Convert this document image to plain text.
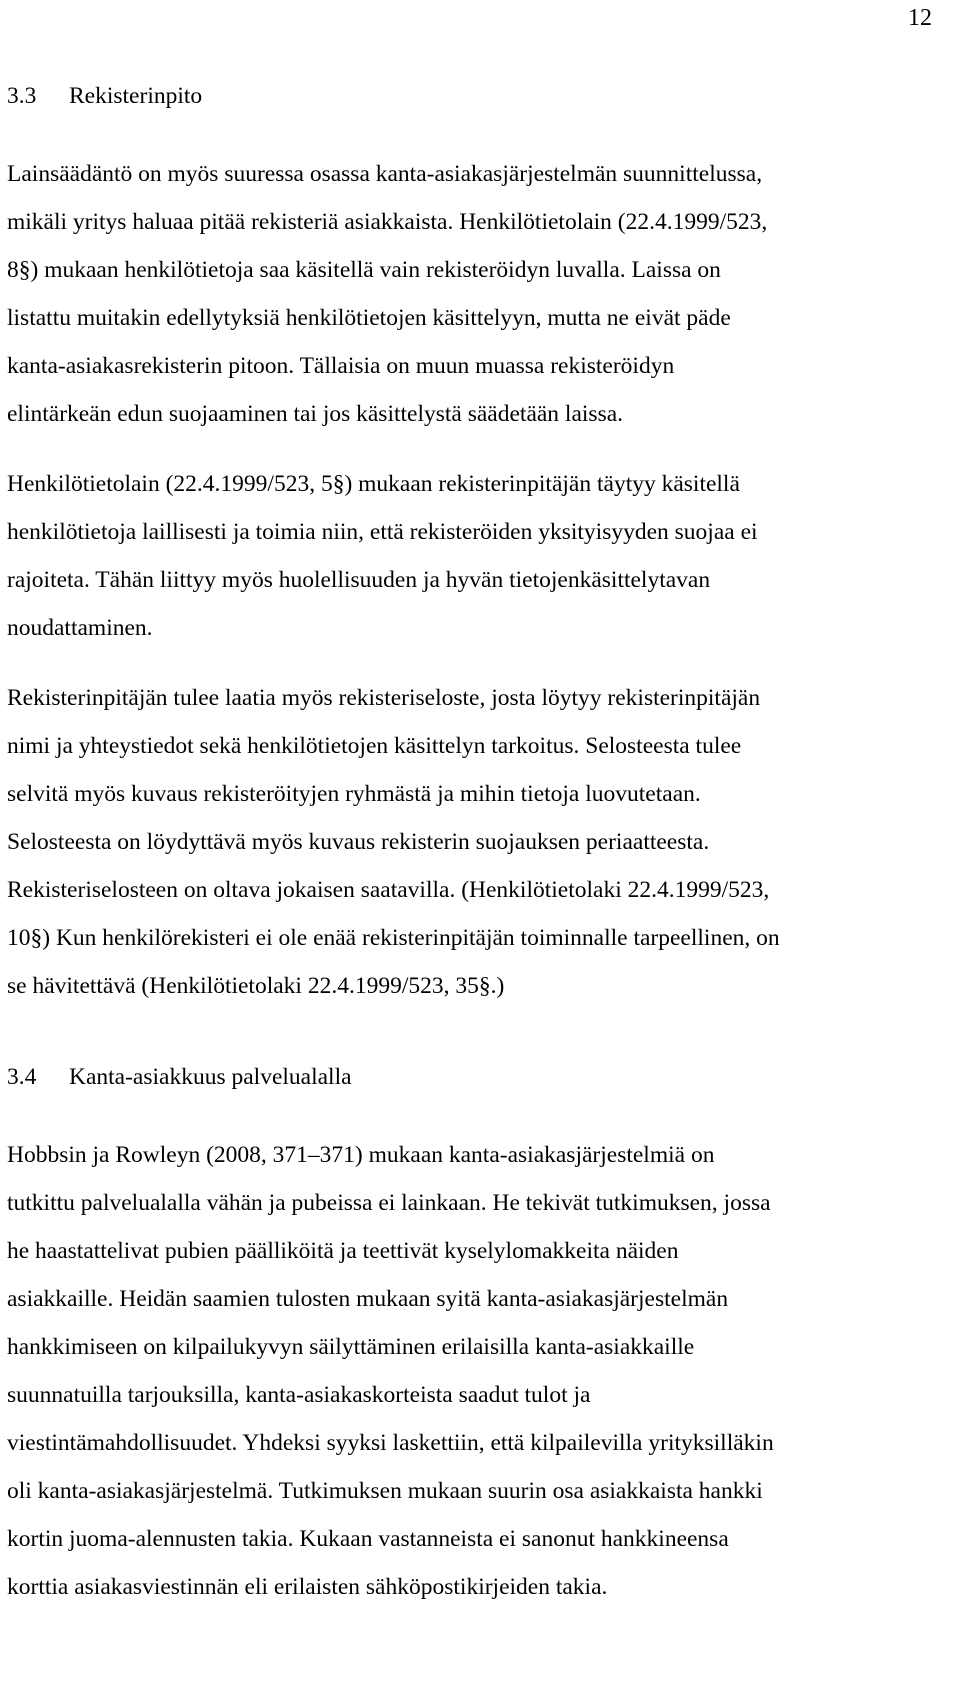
12
3.3 Rekisterinpito

Lainsäädäntö on myös suuressa osassa kanta-asiakasjärjestelmän suunnittelussa,
mikäli yritys haluaa pitää rekisteriä asiakkaista. Henkilötietolain (22.4.1999/523,
8§) mukaan henkilötietoja saa käsitellä vain rekisteröidyn luvalla. Laissa on
listattu muitakin edellytyksiä henkilötietojen käsittelyyn, mutta ne eivät päde
kanta-asiakasrekisterin pitoon. Tällaisia on muun muassa rekisteröidyn
elintärkeän edun suojaaminen tai jos käsittelystä säädetään laissa.

Henkilötietolain (22.4.1999/523, 5§) mukaan rekisterinpitäjän täytyy käsitellä
henkilötietoja laillisesti ja toimia niin, että rekisteröiden yksityisyyden suojaa ei
rajoiteta. Tähän liittyy myös huolellisuuden ja hyvän tietojenkäsittelytavan
noudattaminen.

Rekisterinpitäjän tulee laatia myös rekisteriseloste, josta löytyy rekisterinpitäjän
nimi ja yhteystiedot sekä henkilötietojen käsittelyn tarkoitus. Selosteesta tulee
selvitä myös kuvaus rekisteröityjen ryhmästä ja mihin tietoja luovutetaan.
Selosteesta on löydyttävä myös kuvaus rekisterin suojauksen periaatteesta.
Rekisteriselosteen on oltava jokaisen saatavilla. (Henkilötietolaki 22.4.1999/523,
10§) Kun henkilörekisteri ei ole enää rekisterinpitäjän toiminnalle tarpeellinen, on
se hävitettävä (Henkilötietolaki 22.4.1999/523, 35§.)

3.4 Kanta-asiakkuus palvelualalla

Hobbsin ja Rowleyn (2008, 371–371) mukaan kanta-asiakasjärjestelmiä on
tutkittu palvelualalla vähän ja pubeissa ei lainkaan. He tekivät tutkimuksen, jossa
he haastattelivat pubien päälliköitä ja teettivät kyselylomakkeita näiden
asiakkaille. Heidän saamien tulosten mukaan syitä kanta-asiakasjärjestelmän
hankkimiseen on kilpailukyvyn säilyttäminen erilaisilla kanta-asiakkaille
suunnatuilla tarjouksilla, kanta-asiakaskorteista saadut tulot ja
viestintämahdollisuudet. Yhdeksi syyksi laskettiin, että kilpailevilla yrityksilläkin
oli kanta-asiakasjärjestelmä. Tutkimuksen mukaan suurin osa asiakkaista hankki
kortin juoma-alennusten takia. Kukaan vastanneista ei sanonut hankkineensa
korttia asiakasviestinnän eli erilaisten sähköpostikirjeiden takia.
